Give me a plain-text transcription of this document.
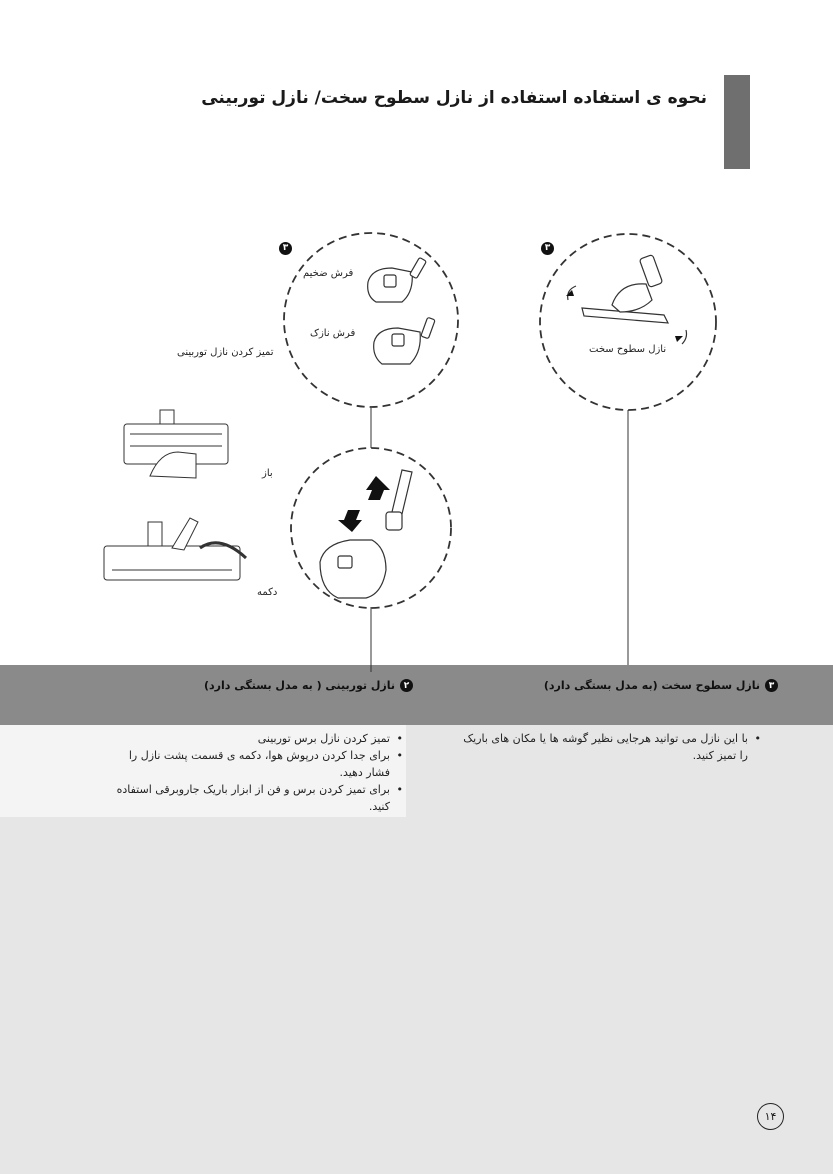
نحوه ی استفاده استفاده از نازل سطوح سخت/ نازل توربینی
۳
۳
نازل سطوح سخت
فرش ضخیم
فرش نازک
تمیز کردن نازل توربینی
باز
دکمه
۳
نازل سطوح سخت (به مدل بستگی دارد)
۲
نازل توربینی ( به مدل بستگی دارد)
• با این نازل می توانید هرجایی نظیر گوشه ها یا مکان های باریک را تمیز کنید.
• تمیز کردن نازل برس توربینی
• برای جدا کردن درپوش هوا، دکمه ی قسمت پشت نازل را فشار دهید.
• برای تمیز کردن برس و فن از ابزار باریک جاروبرقی استفاده کنید.
۱۴
